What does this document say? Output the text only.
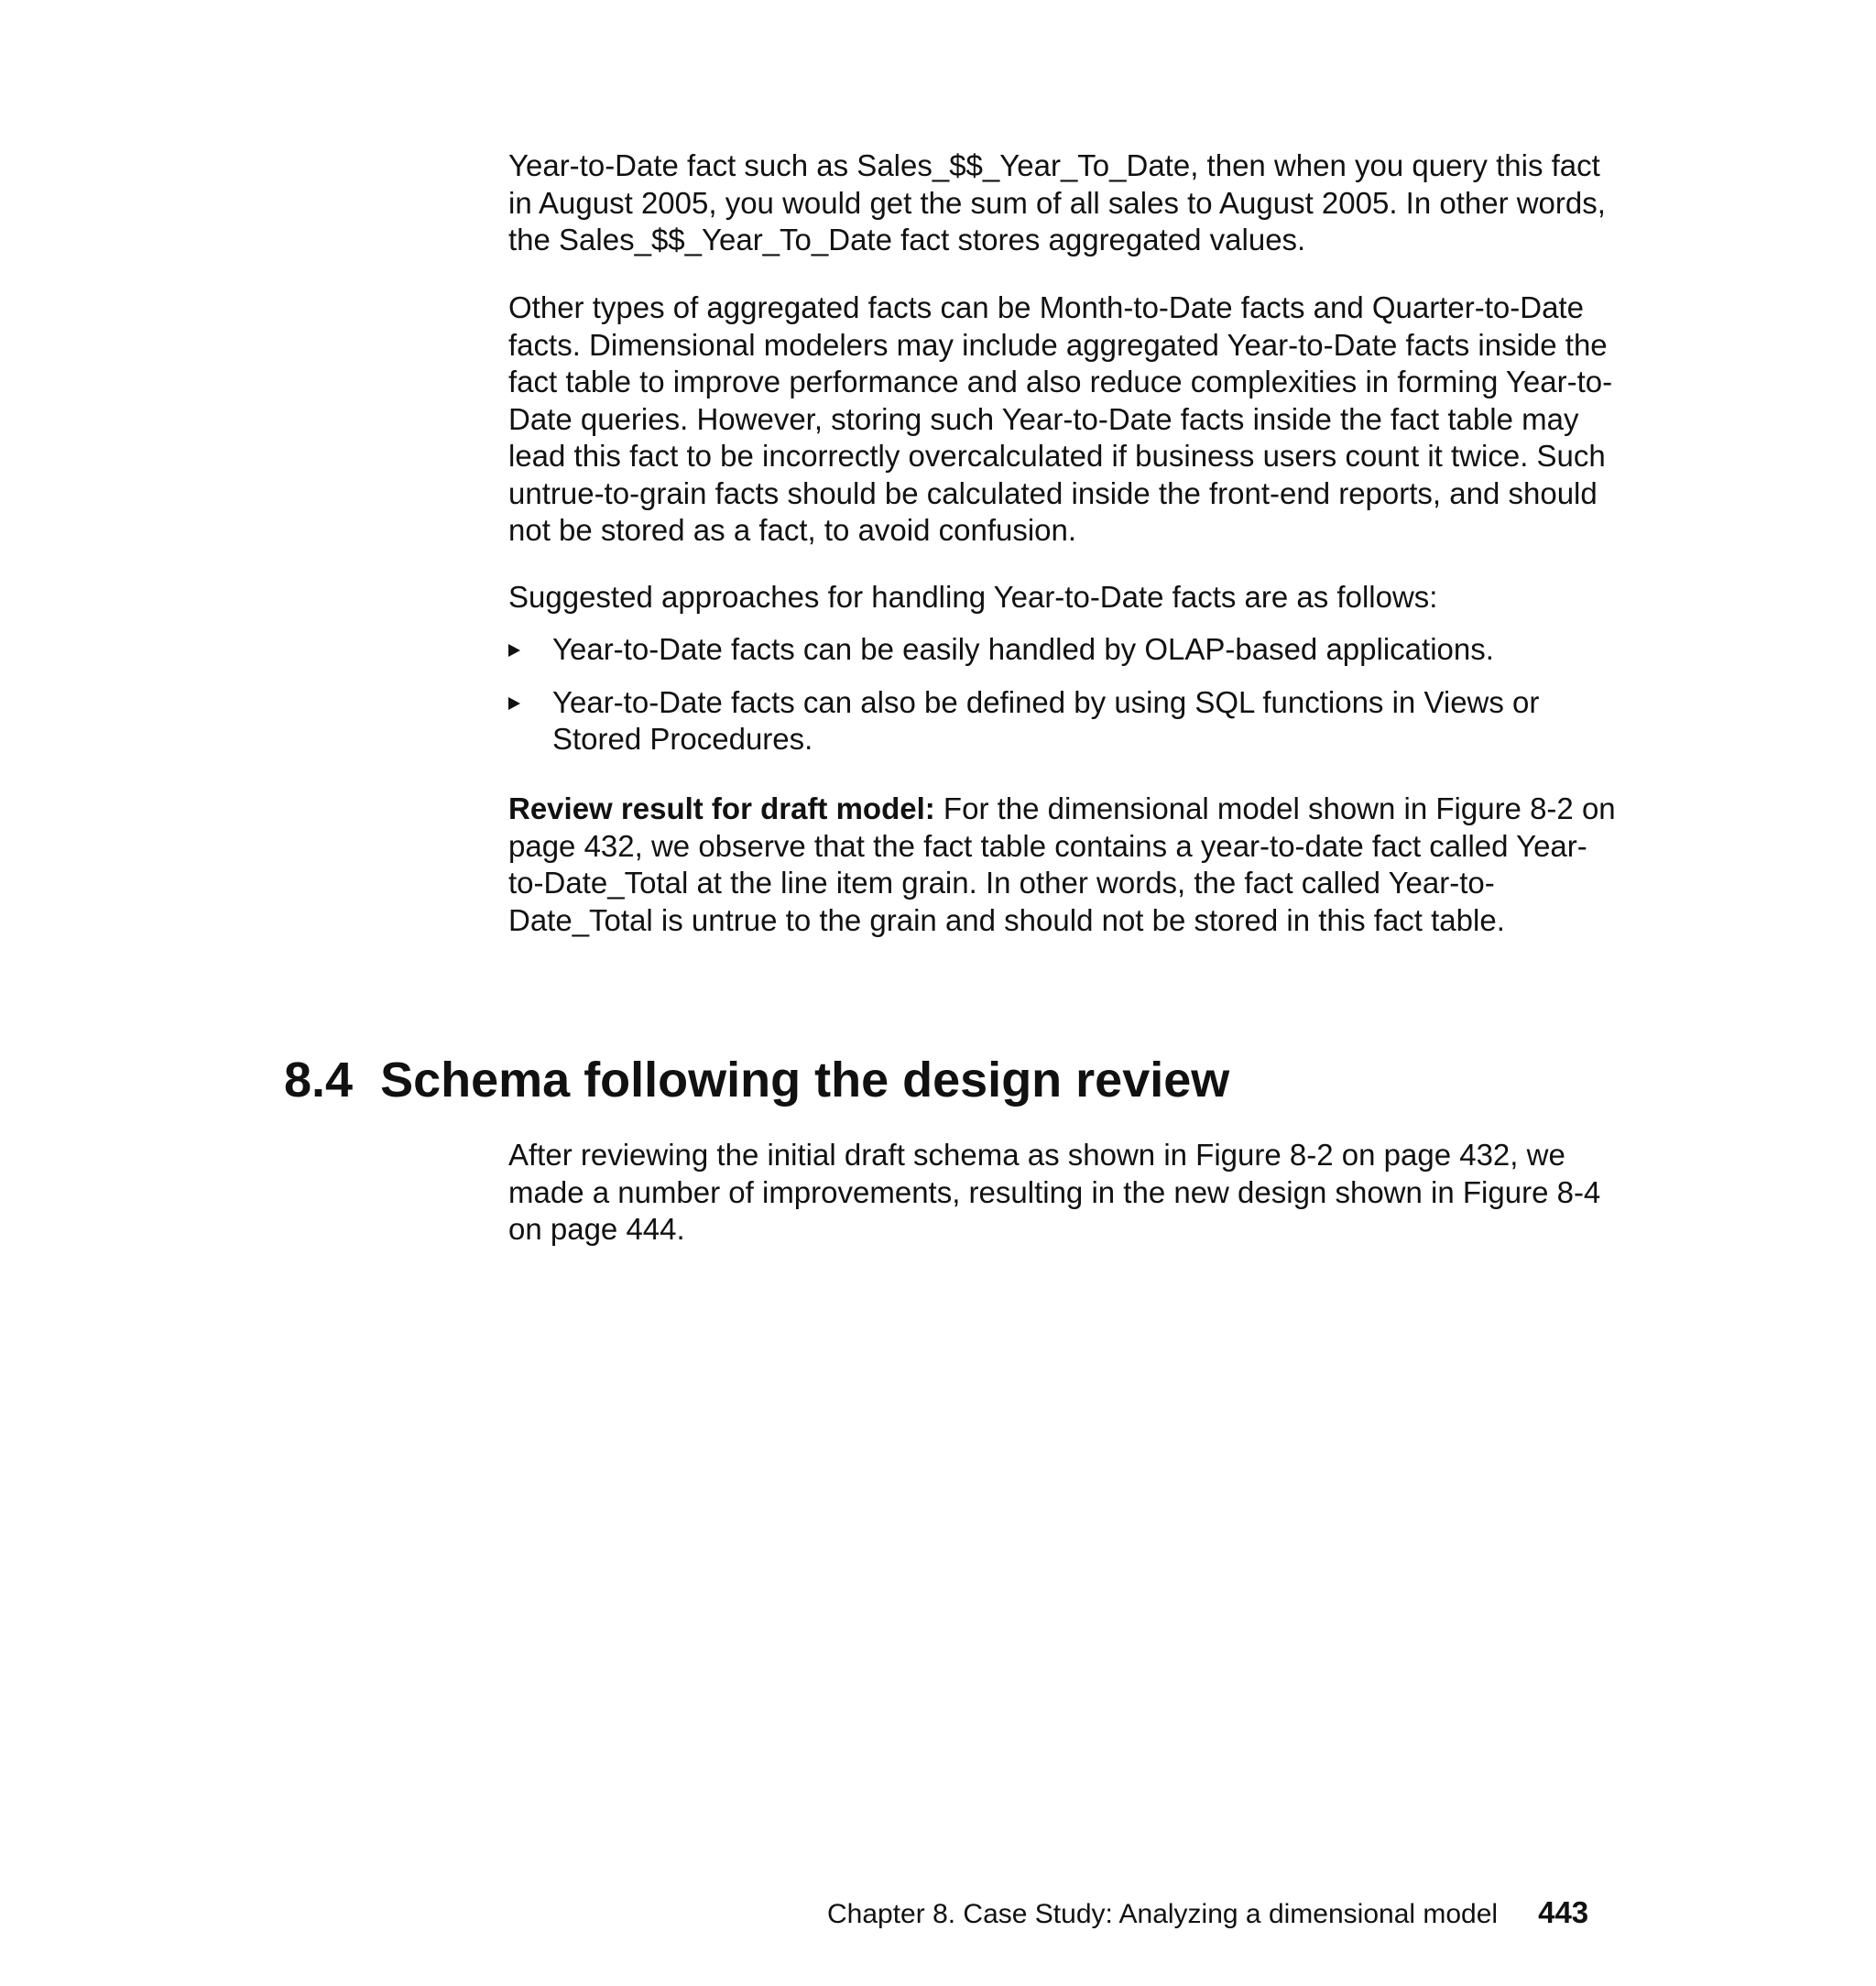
Year-to-Date fact such as Sales_$$_Year_To_Date, then when you query this fact in August 2005, you would get the sum of all sales to August 2005. In other words, the Sales_$$_Year_To_Date fact stores aggregated values.

Other types of aggregated facts can be Month-to-Date facts and Quarter-to-Date facts. Dimensional modelers may include aggregated Year-to-Date facts inside the fact table to improve performance and also reduce complexities in forming Year-to-Date queries. However, storing such Year-to-Date facts inside the fact table may lead this fact to be incorrectly overcalculated if business users count it twice. Such untrue-to-grain facts should be calculated inside the front-end reports, and should not be stored as a fact, to avoid confusion.

Suggested approaches for handling Year-to-Date facts are as follows:

Year-to-Date facts can be easily handled by OLAP-based applications.
Year-to-Date facts can also be defined by using SQL functions in Views or Stored Procedures.

Review result for draft model: For the dimensional model shown in Figure 8-2 on page 432, we observe that the fact table contains a year-to-date fact called Year-to-Date_Total at the line item grain. In other words, the fact called Year-to-Date_Total is untrue to the grain and should not be stored in this fact table.

8.4 Schema following the design review

After reviewing the initial draft schema as shown in Figure 8-2 on page 432, we made a number of improvements, resulting in the new design shown in Figure 8-4 on page 444.

Chapter 8. Case Study: Analyzing a dimensional model 443
